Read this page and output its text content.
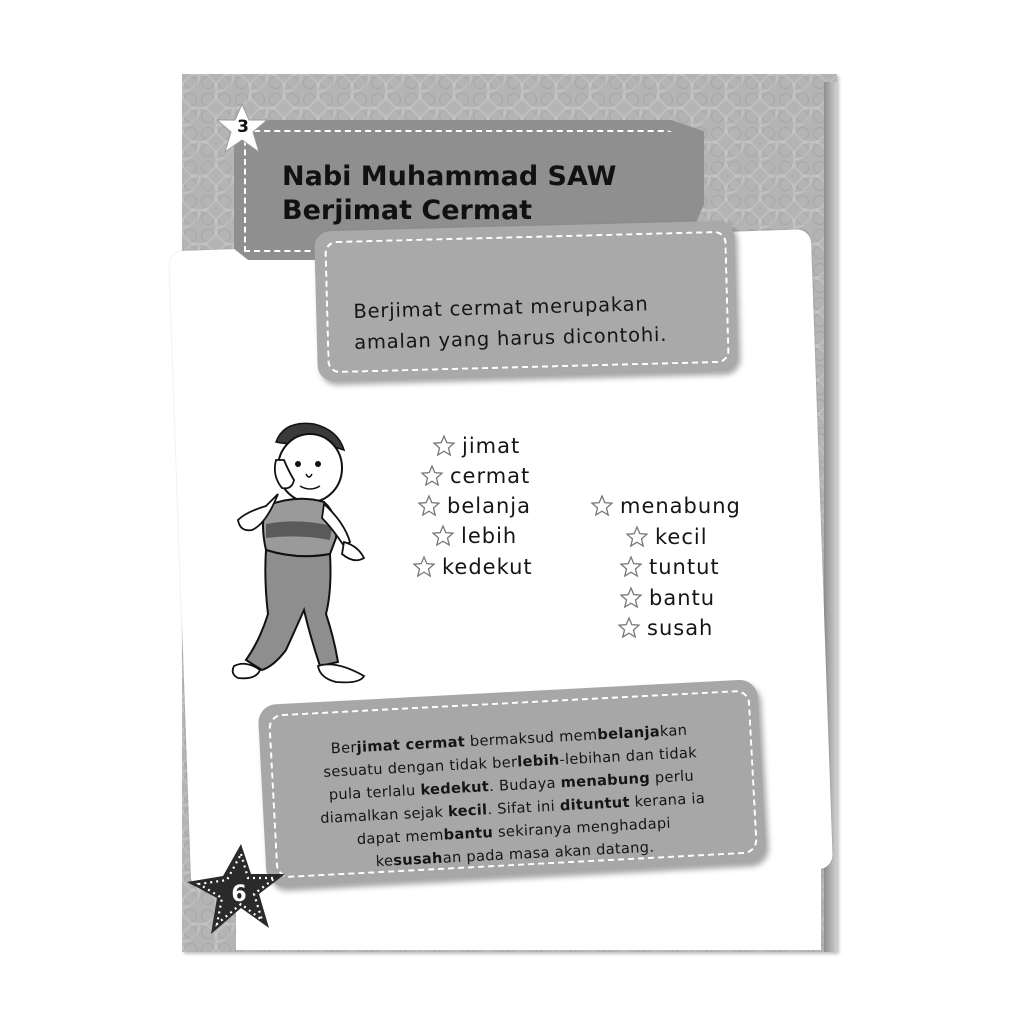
Nabi Muhammad SAW
Berjimat Cermat
3
Berjimat cermat merupakan
amalan yang harus dicontohi.
jimat
cermat
belanja
lebih
kedekut
menabung
kecil
tuntut
bantu
susah
Berjimat cermat bermaksud membelanjakan
sesuatu dengan tidak berlebih-lebihan dan tidak
pula terlalu kedekut. Budaya menabung perlu
diamalkan sejak kecil. Sifat ini dituntut kerana ia
dapat membantu sekiranya menghadapi
kesusahan pada masa akan datang.
6
